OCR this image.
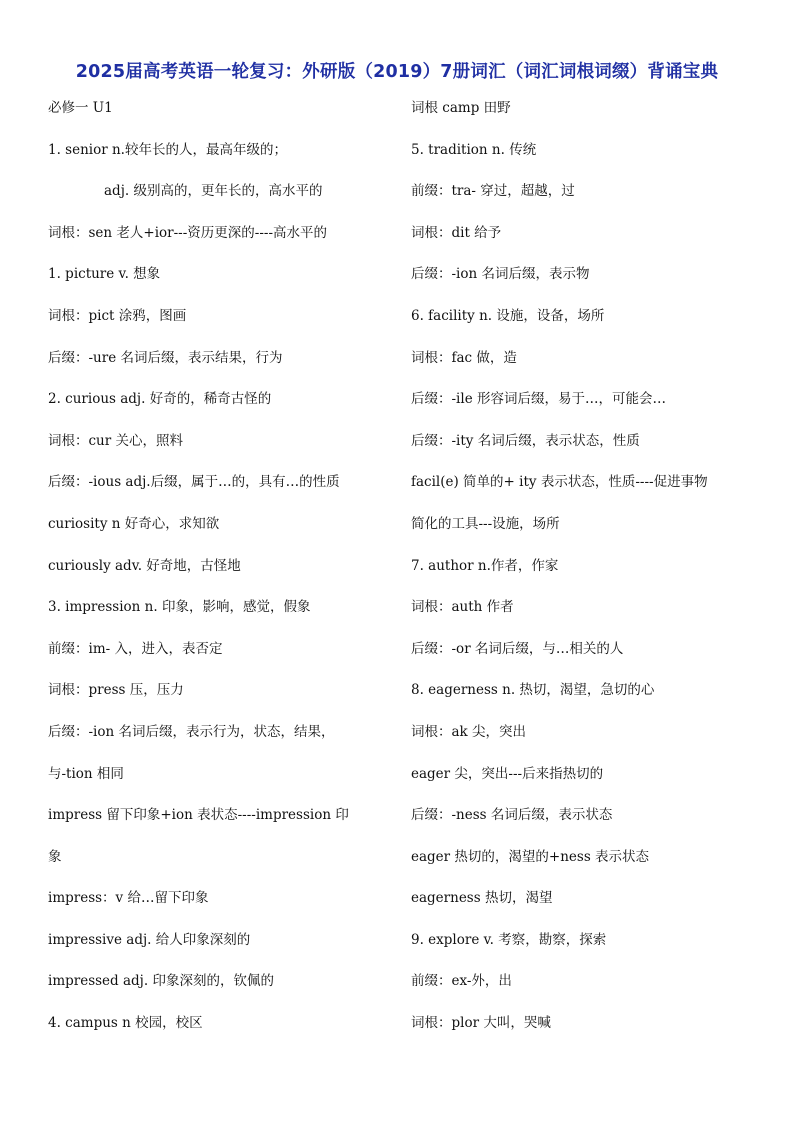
2025届高考英语一轮复习：外研版（2019）7册词汇（词汇词根词缀）背诵宝典
必修一 U1
1. senior n.较年长的人，最高年级的；
adj. 级别高的，更年长的，高水平的
词根：sen 老人+ior---资历更深的----高水平的
1. picture v. 想象
词根：pict 涂鸦，图画
后缀：-ure 名词后缀，表示结果，行为
2. curious adj. 好奇的，稀奇古怪的
词根：cur 关心，照料
后缀：-ious adj.后缀，属于…的，具有…的性质
curiosity n 好奇心，求知欲
curiously adv. 好奇地，古怪地
3. impression n. 印象，影响，感觉，假象
前缀：im- 入，进入，表否定
词根：press 压，压力
后缀：-ion 名词后缀，表示行为，状态，结果，
与-tion 相同
impress 留下印象+ion 表状态----impression 印
象
impress：v 给…留下印象
impressive adj. 给人印象深刻的
impressed adj. 印象深刻的，钦佩的
4. campus n 校园，校区
词根 camp 田野
5. tradition n. 传统
前缀：tra- 穿过，超越，过
词根：dit 给予
后缀：-ion 名词后缀，表示物
6. facility n. 设施，设备，场所
词根：fac 做，造
后缀：-ile 形容词后缀，易于…，可能会…
后缀：-ity 名词后缀，表示状态，性质
facil(e) 简单的+ ity 表示状态，性质----促进事物
简化的工具---设施，场所
7. author n.作者，作家
词根：auth 作者
后缀：-or 名词后缀，与…相关的人
8. eagerness n. 热切，渴望，急切的心
词根：ak 尖，突出
eager 尖，突出---后来指热切的
后缀：-ness 名词后缀，表示状态
eager 热切的，渴望的+ness 表示状态
eagerness 热切，渴望
9. explore v. 考察，勘察，探索
前缀：ex-外，出
词根：plor 大叫，哭喊
